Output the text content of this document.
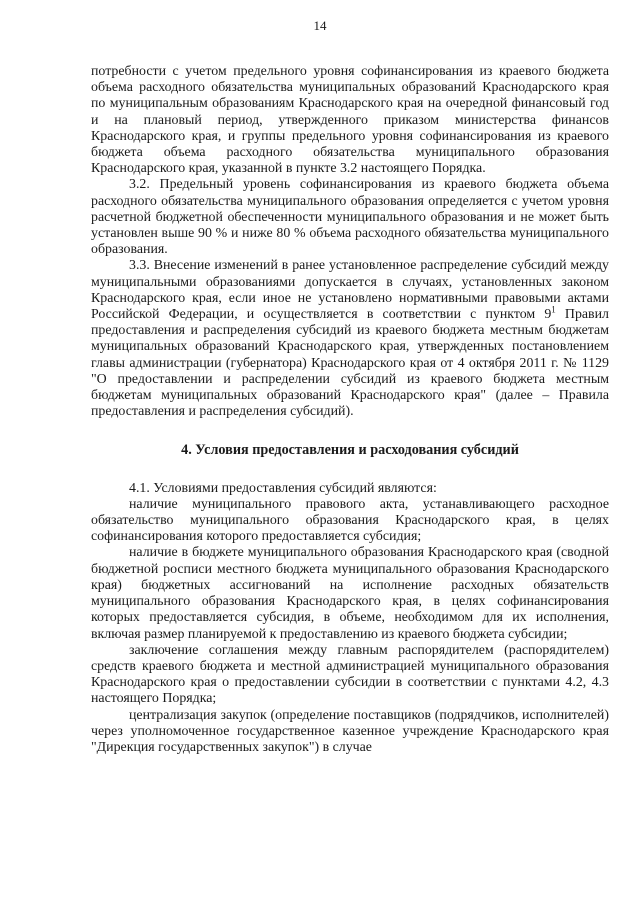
14

потребности с учетом предельного уровня софинансирования из краевого бюджета объема расходного обязательства муниципальных образований Краснодарского края по муниципальным образованиям Краснодарского края на очередной финансовый год и на плановый период, утвержденного приказом министерства финансов Краснодарского края, и группы предельного уровня софинансирования из краевого бюджета объема расходного обязательства муниципального образования Краснодарского края, указанной в пункте 3.2 настоящего Порядка.

3.2. Предельный уровень софинансирования из краевого бюджета объема расходного обязательства муниципального образования определяется с учетом уровня расчетной бюджетной обеспеченности муниципального образования и не может быть установлен выше 90 % и ниже 80 % объема расходного обязательства муниципального образования.

3.3. Внесение изменений в ранее установленное распределение субсидий между муниципальными образованиями допускается в случаях, установленных законом Краснодарского края, если иное не установлено нормативными правовыми актами Российской Федерации, и осуществляется в соответствии с пунктом $9^1$ Правил предоставления и распределения субсидий из краевого бюджета местным бюджетам муниципальных образований Краснодарского края, утвержденных постановлением главы администрации (губернатора) Краснодарского края от 4 октября 2011 г. № 1129 "О предоставлении и распределении субсидий из краевого бюджета местным бюджетам муниципальных образований Краснодарского края" (далее – Правила предоставления и распределения субсидий).

4. Условия предоставления и расходования субсидий

4.1. Условиями предоставления субсидий являются:

наличие муниципального правового акта, устанавливающего расходное обязательство муниципального образования Краснодарского края, в целях софинансирования которого предоставляется субсидия;

наличие в бюджете муниципального образования Краснодарского края (сводной бюджетной росписи местного бюджета муниципального образования Краснодарского края) бюджетных ассигнований на исполнение расходных обязательств муниципального образования Краснодарского края, в целях софинансирования которых предоставляется субсидия, в объеме, необходимом для их исполнения, включая размер планируемой к предоставлению из краевого бюджета субсидии;

заключение соглашения между главным распорядителем (распорядителем) средств краевого бюджета и местной администрацией муниципального образования Краснодарского края о предоставлении субсидии в соответствии с пунктами 4.2, 4.3 настоящего Порядка;

централизация закупок (определение поставщиков (подрядчиков, исполнителей) через уполномоченное государственное казенное учреждение Краснодарского края "Дирекция государственных закупок") в случае
